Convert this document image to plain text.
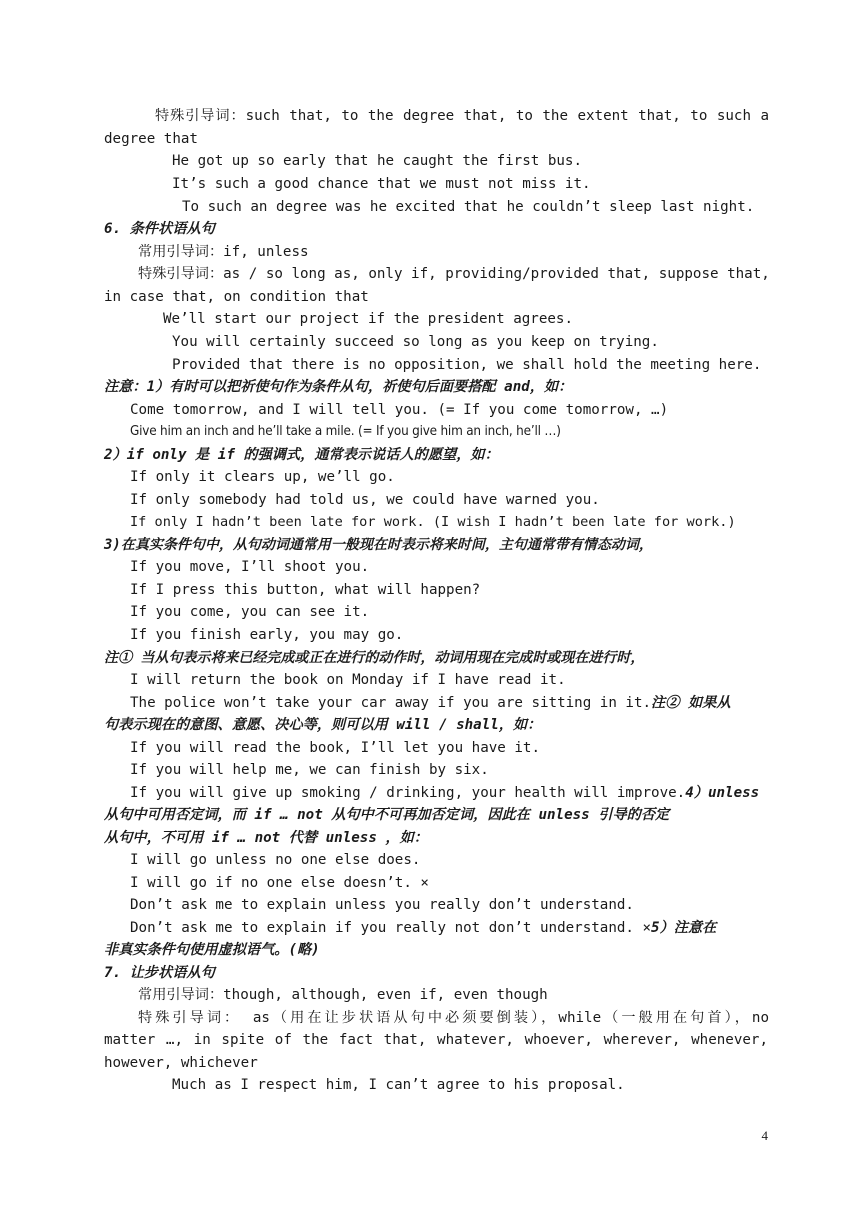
特殊引导词：such that, to the degree that, to the extent that, to such a
degree that
He got up so early that he caught the first bus.
It’s such a good chance that we must not miss it.
To such an degree was he excited that he couldn’t sleep last night.
6. 条件状语从句
常用引导词：if, unless
特殊引导词：as / so long as, only if, providing/provided that, suppose that,
in case that, on condition that
We’ll start our project if the president agrees.
You will certainly succeed so long as you keep on trying.
Provided that there is no opposition, we shall hold the meeting here.
注意：1）有时可以把祈使句作为条件从句，祈使句后面要搭配 and，如：
Come tomorrow, and I will tell you. (= If you come tomorrow, …)
Give him an inch and he’ll take a mile. (= If you give him an inch, he’ll …)
2）if only 是 if 的强调式，通常表示说话人的愿望，如：
If only it clears up, we’ll go.
If only somebody had told us, we could have warned you.
If only I hadn’t been late for work. (I wish I hadn’t been late for work.)
3)在真实条件句中，从句动词通常用一般现在时表示将来时间，主句通常带有情态动词，
If you move, I’ll shoot you.
If I press this button, what will happen?
If you come, you can see it.
If you finish early, you may go.
注① 当从句表示将来已经完成或正在进行的动作时，动词用现在完成时或现在进行时，
I will return the book on Monday if I have read it.
The police won’t take your car away if you are sitting in it.注② 如果从
句表示现在的意图、意愿、决心等，则可以用 will / shall，如：
If you will read the book, I’ll let you have it.
If you will help me, we can finish by six.
If you will give up smoking / drinking, your health will improve.4）unless
从句中可用否定词，而 if … not 从句中不可再加否定词，因此在 unless 引导的否定
从句中，不可用 if … not 代替 unless ，如：
I will go unless no one else does.
I will go if no one else doesn’t. ×
Don’t ask me to explain unless you really don’t understand.
Don’t ask me to explain if you really not don’t understand. ×5）注意在
非真实条件句使用虚拟语气。(略)
7. 让步状语从句
常用引导词：though, although, even if, even though
特殊引导词： as（用在让步状语从句中必须要倒装），while（一般用在句首），no
matter …, in spite of the fact that, whatever, whoever, wherever, whenever,
however, whichever
Much as I respect him, I can’t agree to his proposal.
4
